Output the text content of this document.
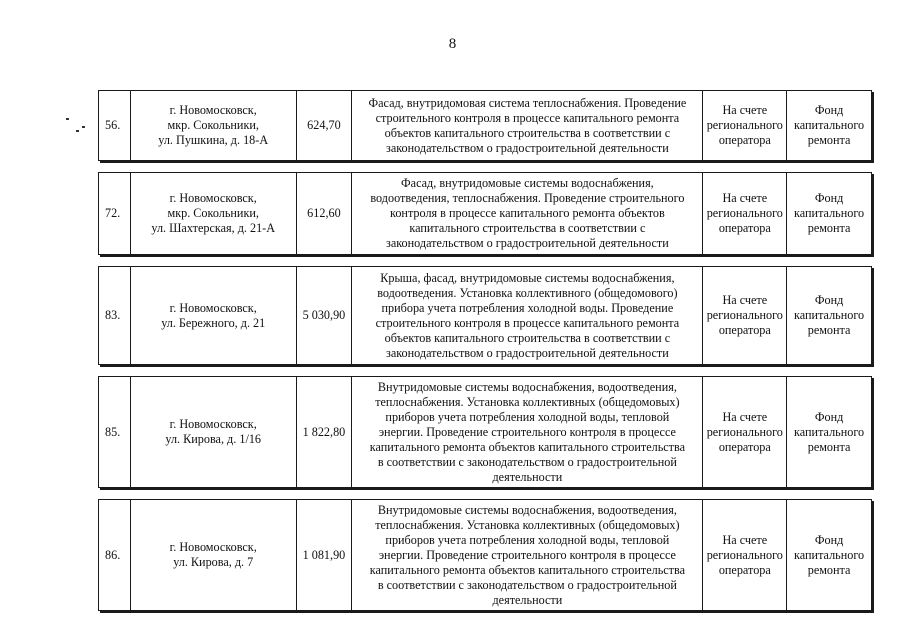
8
56.
г. Новомосковск,
мкр. Сокольники,
ул. Пушкина, д. 18-А
624,70
Фасад, внутридомовая система теплоснабжения. Проведение
строительного контроля в процессе капитального ремонта
объектов капитального строительства в соответствии с
законодательством о градостроительной деятельности
На счете
регионального
оператора
Фонд
капитального
ремонта
72.
г. Новомосковск,
мкр. Сокольники,
ул. Шахтерская, д. 21-А
612,60
Фасад, внутридомовые системы водоснабжения,
водоотведения, теплоснабжения. Проведение строительного
контроля в процессе капитального ремонта объектов
капитального строительства в соответствии с
законодательством о градостроительной деятельности
На счете
регионального
оператора
Фонд
капитального
ремонта
83.
г. Новомосковск,
ул. Бережного, д. 21
5 030,90
Крыша, фасад, внутридомовые системы водоснабжения,
водоотведения. Установка коллективного (общедомового)
прибора учета потребления холодной воды. Проведение
строительного контроля в процессе капитального ремонта
объектов капитального строительства в соответствии с
законодательством о градостроительной деятельности
На счете
регионального
оператора
Фонд
капитального
ремонта
85.
г. Новомосковск,
ул. Кирова, д. 1/16
1 822,80
Внутридомовые системы водоснабжения, водоотведения,
теплоснабжения. Установка коллективных (общедомовых)
приборов учета потребления холодной воды, тепловой
энергии. Проведение строительного контроля в процессе
капитального ремонта объектов капитального строительства
в соответствии с законодательством о градостроительной
деятельности
На счете
регионального
оператора
Фонд
капитального
ремонта
86.
г. Новомосковск,
ул. Кирова, д. 7
1 081,90
Внутридомовые системы водоснабжения, водоотведения,
теплоснабжения. Установка коллективных (общедомовых)
приборов учета потребления холодной воды, тепловой
энергии. Проведение строительного контроля в процессе
капитального ремонта объектов капитального строительства
в соответствии с законодательством о градостроительной
деятельности
На счете
регионального
оператора
Фонд
капитального
ремонта
